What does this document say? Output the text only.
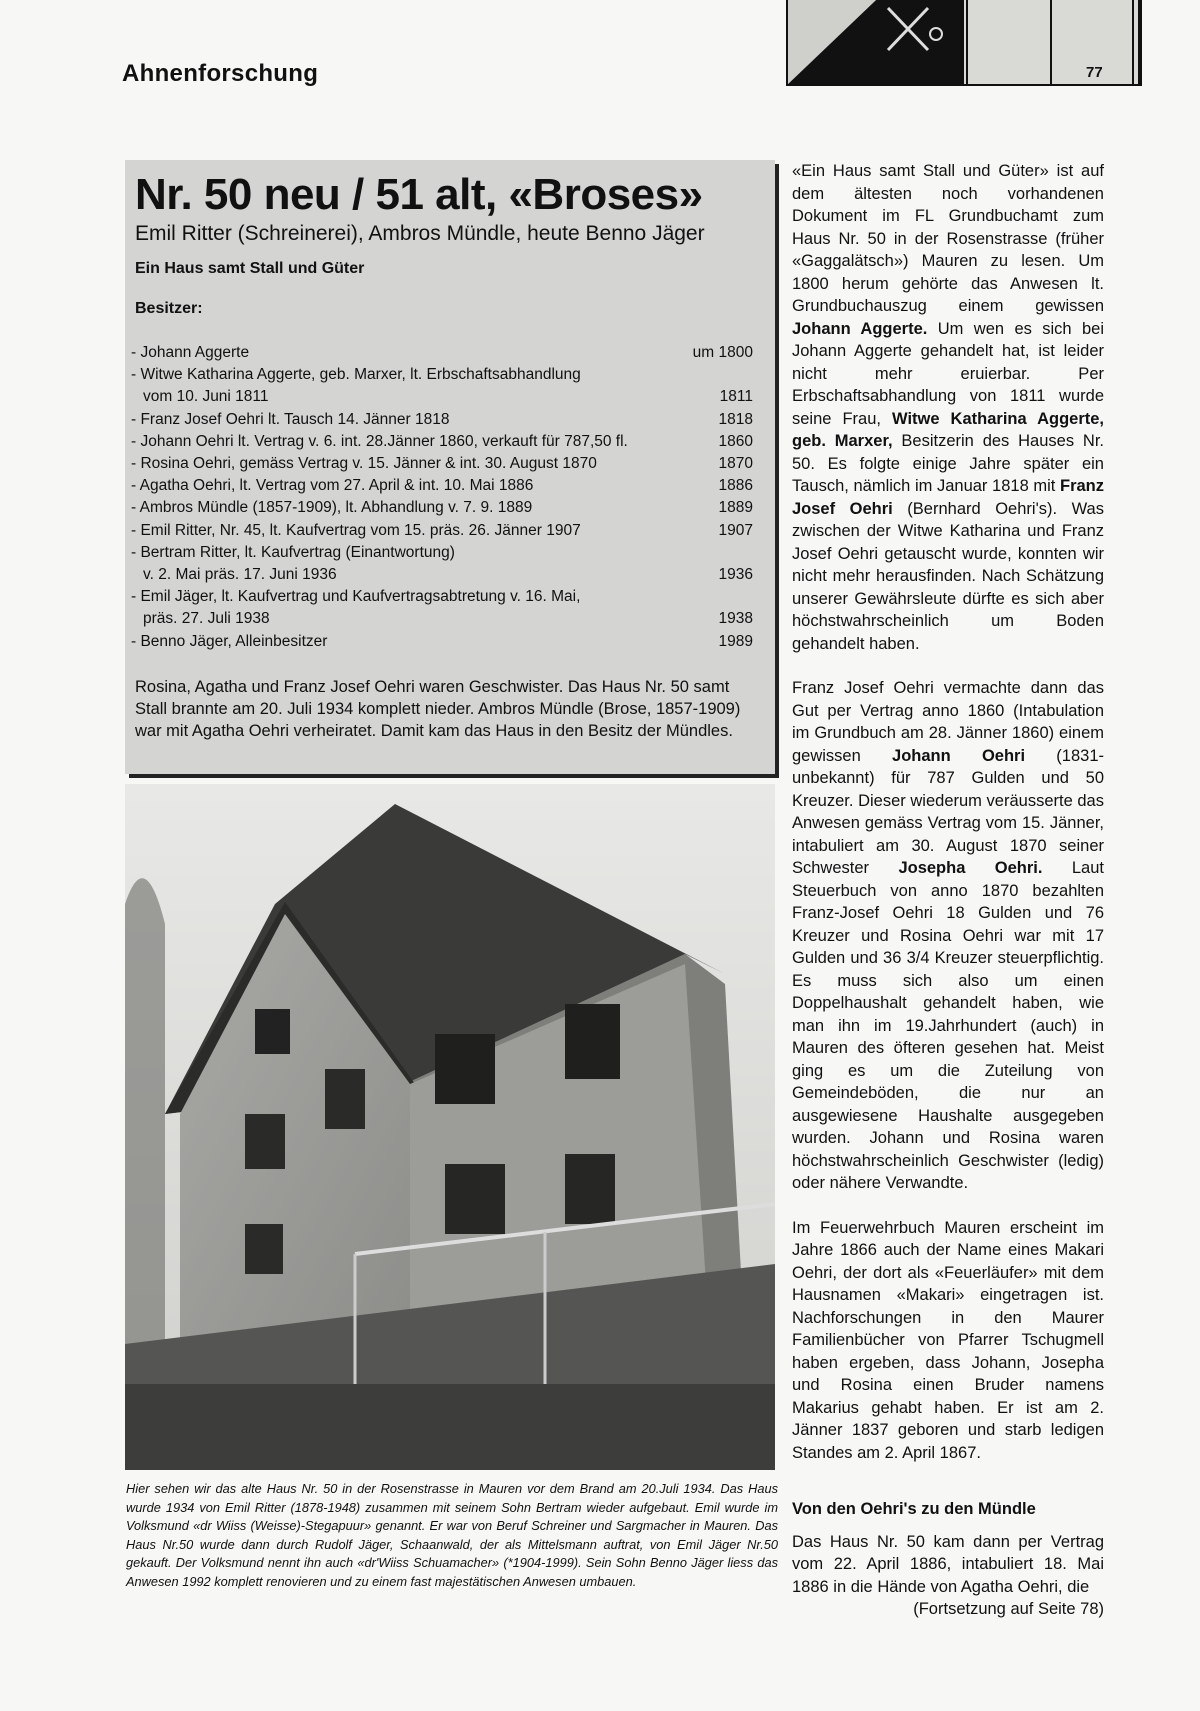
Ahnenforschung	77
Nr. 50 neu / 51 alt, «Broses»
Emil Ritter (Schreinerei), Ambros Mündle, heute Benno Jäger
Ein Haus samt Stall und Güter
Besitzer:
- Johann Aggerte	um 1800
- Witwe Katharina Aggerte, geb. Marxer, lt. Erbschaftsabhandlung
vom 10. Juni 1811	1811
- Franz Josef Oehri lt. Tausch 14. Jänner 1818	1818
- Johann Oehri lt. Vertrag v. 6. int. 28.Jänner 1860, verkauft für 787,50 fl.	1860
- Rosina Oehri, gemäss Vertrag v. 15. Jänner & int. 30. August 1870	1870
- Agatha Oehri, lt. Vertrag vom 27. April & int. 10. Mai 1886	1886
- Ambros Mündle (1857-1909), lt. Abhandlung v. 7. 9. 1889	1889
- Emil Ritter, Nr. 45, lt. Kaufvertrag vom 15. präs. 26. Jänner 1907	1907
- Bertram Ritter, lt. Kaufvertrag (Einantwortung)
v. 2. Mai präs. 17. Juni 1936	1936
- Emil Jäger, lt. Kaufvertrag und Kaufvertragsabtretung v. 16. Mai,
präs. 27. Juli 1938	1938
- Benno Jäger, Alleinbesitzer	1989
Rosina, Agatha und Franz Josef Oehri waren Geschwister. Das Haus Nr. 50 samt Stall brannte am 20. Juli 1934 komplett nieder. Ambros Mündle (Brose, 1857-1909) war mit Agatha Oehri verheiratet. Damit kam das Haus in den Besitz der Mündles.
Hier sehen wir das alte Haus Nr. 50 in der Rosenstrasse in Mauren vor dem Brand am 20.Juli 1934. Das Haus wurde 1934 von Emil Ritter (1878-1948) zusammen mit seinem Sohn Bertram wieder aufgebaut. Emil wurde im Volksmund «dr Wiiss (Weisse)-Stegapuur» genannt. Er war von Beruf Schreiner und Sargmacher in Mauren. Das Haus Nr.50 wurde dann durch Rudolf Jäger, Schaanwald, der als Mittelsmann auftrat, von Emil Jäger Nr.50 gekauft. Der Volksmund nennt ihn auch «dr'Wiiss Schuamacher» (*1904-1999). Sein Sohn Benno Jäger liess das Anwesen 1992 komplett renovieren und zu einem fast majestätischen Anwesen umbauen.

«Ein Haus samt Stall und Güter» ist auf dem ältesten noch vorhandenen Dokument im FL Grundbuchamt zum Haus Nr. 50 in der Rosenstrasse (früher «Gaggalätsch») Mauren zu lesen. Um 1800 herum gehörte das Anwesen lt. Grundbuchauszug einem gewissen Johann Aggerte. Um wen es sich bei Johann Aggerte gehandelt hat, ist leider nicht mehr eruierbar. Per Erbschaftsabhandlung von 1811 wurde seine Frau, Witwe Katharina Aggerte, geb. Marxer, Besitzerin des Hauses Nr. 50. Es folgte einige Jahre später ein Tausch, nämlich im Januar 1818 mit Franz Josef Oehri (Bernhard Oehri's). Was zwischen der Witwe Katharina und Franz Josef Oehri getauscht wurde, konnten wir nicht mehr herausfinden. Nach Schätzung unserer Gewährsleute dürfte es sich aber höchstwahrscheinlich um Boden gehandelt haben.

Franz Josef Oehri vermachte dann das Gut per Vertrag anno 1860 (Intabulation im Grundbuch am 28. Jänner 1860) einem gewissen Johann Oehri (1831-unbekannt) für 787 Gulden und 50 Kreuzer. Dieser wiederum veräusserte das Anwesen gemäss Vertrag vom 15. Jänner, intabuliert am 30. August 1870 seiner Schwester Josepha Oehri. Laut Steuerbuch von anno 1870 bezahlten Franz-Josef Oehri 18 Gulden und 76 Kreuzer und Rosina Oehri war mit 17 Gulden und 36 3/4 Kreuzer steuerpflichtig. Es muss sich also um einen Doppelhaushalt gehandelt haben, wie man ihn im 19.Jahrhundert (auch) in Mauren des öfteren gesehen hat. Meist ging es um die Zuteilung von Gemeindeböden, die nur an ausgewiesene Haushalte ausgegeben wurden. Johann und Rosina waren höchstwahrscheinlich Geschwister (ledig) oder nähere Verwandte.

Im Feuerwehrbuch Mauren erscheint im Jahre 1866 auch der Name eines Makari Oehri, der dort als «Feuerläufer» mit dem Hausnamen «Makari» eingetragen ist. Nachforschungen in den Maurer Familienbücher von Pfarrer Tschugmell haben ergeben, dass Johann, Josepha und Rosina einen Bruder namens Makarius gehabt haben. Er ist am 2. Jänner 1837 geboren und starb ledigen Standes am 2. April 1867.

Von den Oehri's zu den Mündle

Das Haus Nr. 50 kam dann per Vertrag vom 22. April 1886, intabuliert 18. Mai 1886 in die Hände von Agatha Oehri, die

(Fortsetzung auf Seite 78)
